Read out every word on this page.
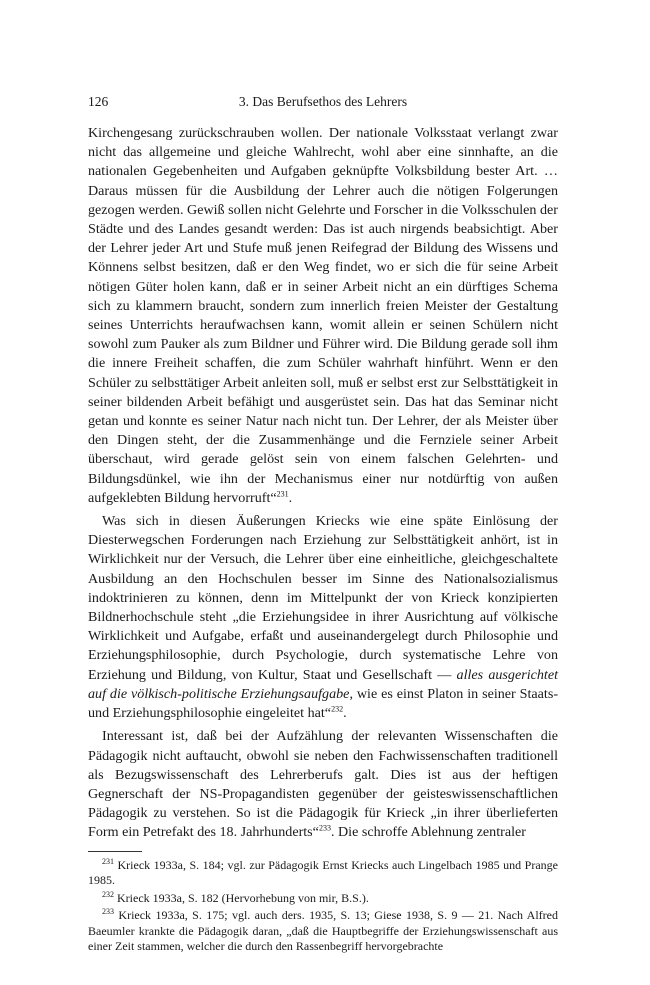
126	3. Das Berufsethos des Lehrers

Kirchengesang zurückschrauben wollen. Der nationale Volksstaat verlangt zwar nicht das allgemeine und gleiche Wahlrecht, wohl aber eine sinnhafte, an die nationalen Gegebenheiten und Aufgaben geknüpfte Volksbildung bester Art. … Daraus müssen für die Ausbildung der Lehrer auch die nötigen Folgerungen gezogen werden. Gewiß sollen nicht Gelehrte und Forscher in die Volksschulen der Städte und des Landes gesandt werden: Das ist auch nirgends beabsichtigt. Aber der Lehrer jeder Art und Stufe muß jenen Reifegrad der Bildung des Wissens und Könnens selbst besitzen, daß er den Weg findet, wo er sich die für seine Arbeit nötigen Güter holen kann, daß er in seiner Arbeit nicht an ein dürftiges Schema sich zu klammern braucht, sondern zum innerlich freien Meister der Gestaltung seines Unterrichts heraufwachsen kann, womit allein er seinen Schülern nicht sowohl zum Pauker als zum Bildner und Führer wird. Die Bildung gerade soll ihm die innere Freiheit schaffen, die zum Schüler wahrhaft hinführt. Wenn er den Schüler zu selbsttätiger Arbeit anleiten soll, muß er selbst erst zur Selbsttätigkeit in seiner bildenden Arbeit befähigt und ausgerüstet sein. Das hat das Seminar nicht getan und konnte es seiner Natur nach nicht tun. Der Lehrer, der als Meister über den Dingen steht, der die Zusammenhänge und die Fernziele seiner Arbeit überschaut, wird gerade gelöst sein von einem falschen Gelehrten- und Bildungsdünkel, wie ihn der Mechanismus einer nur notdürftig von außen aufgeklebten Bildung hervorruft“$^{231}$.

Was sich in diesen Äußerungen Kriecks wie eine späte Einlösung der Diesterwegschen Forderungen nach Erziehung zur Selbsttätigkeit anhört, ist in Wirklichkeit nur der Versuch, die Lehrer über eine einheitliche, gleichgeschaltete Ausbildung an den Hochschulen besser im Sinne des Nationalsozialismus indoktrinieren zu können, denn im Mittelpunkt der von Krieck konzipierten Bildnerhochschule steht „die Erziehungsidee in ihrer Ausrichtung auf völkische Wirklichkeit und Aufgabe, erfaßt und auseinandergelegt durch Philosophie und Erziehungsphilosophie, durch Psychologie, durch systematische Lehre von Erziehung und Bildung, von Kultur, Staat und Gesellschaft — alles ausgerichtet auf die völkisch-politische Erziehungsaufgabe, wie es einst Platon in seiner Staats- und Erziehungsphilosophie eingeleitet hat“$^{232}$.

Interessant ist, daß bei der Aufzählung der relevanten Wissenschaften die Pädagogik nicht auftaucht, obwohl sie neben den Fachwissenschaften traditionell als Bezugswissenschaft des Lehrerberufs galt. Dies ist aus der heftigen Gegnerschaft der NS-Propagandisten gegenüber der geisteswissenschaftlichen Pädagogik zu verstehen. So ist die Pädagogik für Krieck „in ihrer überlieferten Form ein Petrefakt des 18. Jahrhunderts“$^{233}$. Die schroffe Ablehnung zentraler

$^{231}$ Krieck 1933a, S. 184; vgl. zur Pädagogik Ernst Kriecks auch Lingelbach 1985 und Prange 1985.

$^{232}$ Krieck 1933a, S. 182 (Hervorhebung von mir, B.S.).

$^{233}$ Krieck 1933a, S. 175; vgl. auch ders. 1935, S. 13; Giese 1938, S. 9 — 21. Nach Alfred Baeumler krankte die Pädagogik daran, „daß die Hauptbegriffe der Erziehungswissenschaft aus einer Zeit stammen, welcher die durch den Rassenbegriff hervorgebrachte
